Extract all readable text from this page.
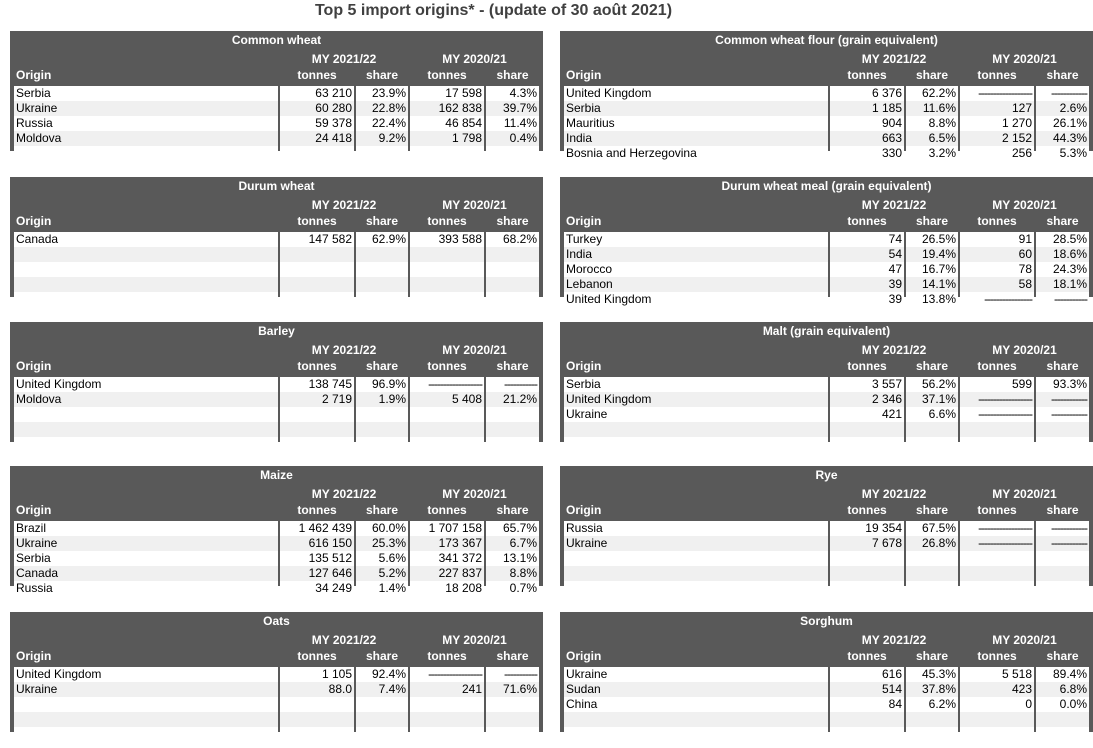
Top 5 import origins* - (update of 30 août 2021)
Common wheat
MY 2021/22	MY 2020/21
Origin	tonnes	share	tonnes	share
Serbia	63 210	23.9%	17 598	4.3%
Ukraine	60 280	22.8%	162 838	39.7%
Russia	59 378	22.4%	46 854	11.4%
Moldova	24 418	9.2%	1 798	0.4%
Common wheat flour (grain equivalent)
MY 2021/22	MY 2020/21
Origin	tonnes	share	tonnes	share
United Kingdom	6 376	62.2%	------------------	------------
Serbia	1 185	11.6%	127	2.6%
Mauritius	904	8.8%	1 270	26.1%
India	663	6.5%	2 152	44.3%
Bosnia and Herzegovina	330	3.2%	256	5.3%
Durum wheat
MY 2021/22	MY 2020/21
Origin	tonnes	share	tonnes	share
Canada	147 582	62.9%	393 588	68.2%
Durum wheat meal (grain equivalent)
MY 2021/22	MY 2020/21
Origin	tonnes	share	tonnes	share
Turkey	74	26.5%	91	28.5%
India	54	19.4%	60	18.6%
Morocco	47	16.7%	78	24.3%
Lebanon	39	14.1%	58	18.1%
United Kingdom	39	13.8%	----------------	-----------
Barley
MY 2021/22	MY 2020/21
Origin	tonnes	share	tonnes	share
United Kingdom	138 745	96.9%	------------------	-----------
Moldova	2 719	1.9%	5 408	21.2%
Malt (grain equivalent)
MY 2021/22	MY 2020/21
Origin	tonnes	share	tonnes	share
Serbia	3 557	56.2%	599	93.3%
United Kingdom	2 346	37.1%	------------------	------------
Ukraine	421	6.6%	------------------	------------
Maize
MY 2021/22	MY 2020/21
Origin	tonnes	share	tonnes	share
Brazil	1 462 439	60.0%	1 707 158	65.7%
Ukraine	616 150	25.3%	173 367	6.7%
Serbia	135 512	5.6%	341 372	13.1%
Canada	127 646	5.2%	227 837	8.8%
Russia	34 249	1.4%	18 208	0.7%
Rye
MY 2021/22	MY 2020/21
Origin	tonnes	share	tonnes	share
Russia	19 354	67.5%	------------------	------------
Ukraine	7 678	26.8%	------------------	------------
Oats
MY 2021/22	MY 2020/21
Origin	tonnes	share	tonnes	share
United Kingdom	1 105	92.4%	------------------	-----------
Ukraine	88.0	7.4%	241	71.6%
Sorghum
MY 2021/22	MY 2020/21
Origin	tonnes	share	tonnes	share
Ukraine	616	45.3%	5 518	89.4%
Sudan	514	37.8%	423	6.8%
China	84	6.2%	0	0.0%
